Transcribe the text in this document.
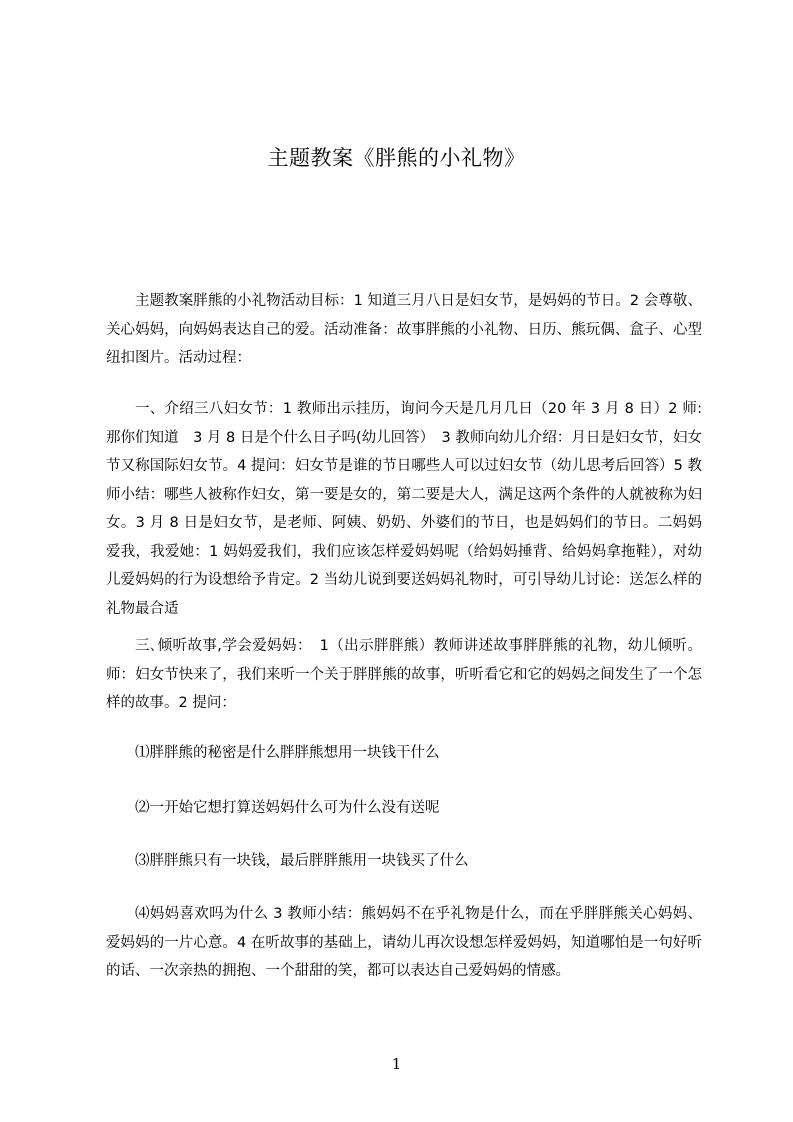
主题教案《胖熊的小礼物》

主题教案胖熊的小礼物活动目标：1 知道三月八日是妇女节，是妈妈的节日。2 会尊敬、关心妈妈，向妈妈表达自己的爱。活动准备：故事胖熊的小礼物、日历、熊玩偶、盒子、心型纽扣图片。活动过程：

一、介绍三八妇女节：1 教师出示挂历，询问今天是几月几日（20 年 3 月 8 日）2 师:那你们知道　3 月 8 日是个什么日子吗(幼儿回答）　3 教师向幼儿介绍：月日是妇女节，妇女节又称国际妇女节。4 提问：妇女节是谁的节日哪些人可以过妇女节（幼儿思考后回答）5 教师小结：哪些人被称作妇女，第一要是女的，第二要是大人，满足这两个条件的人就被称为妇女。3 月 8 日是妇女节，是老师、阿姨、奶奶、外婆们的节日，也是妈妈们的节日。二妈妈爱我，我爱她：1 妈妈爱我们，我们应该怎样爱妈妈呢（给妈妈捶背、给妈妈拿拖鞋），对幼儿爱妈妈的行为设想给予肯定。2 当幼儿说到要送妈妈礼物时，可引导幼儿讨论：送怎么样的礼物最合适

三､倾听故事,学会爱妈妈：　1（出示胖胖熊）教师讲述故事胖胖熊的礼物，幼儿倾听。师：妇女节快来了，我们来听一个关于胖胖熊的故事，听听看它和它的妈妈之间发生了一个怎样的故事。2 提问：

⑴胖胖熊的秘密是什么胖胖熊想用一块钱干什么

⑵一开始它想打算送妈妈什么可为什么没有送呢

⑶胖胖熊只有一块钱，最后胖胖熊用一块钱买了什么

⑷妈妈喜欢吗为什么 3 教师小结：熊妈妈不在乎礼物是什么，而在乎胖胖熊关心妈妈、爱妈妈的一片心意。4 在听故事的基础上，请幼儿再次设想怎样爱妈妈，知道哪怕是一句好听的话、一次亲热的拥抱、一个甜甜的笑，都可以表达自己爱妈妈的情感。

1
